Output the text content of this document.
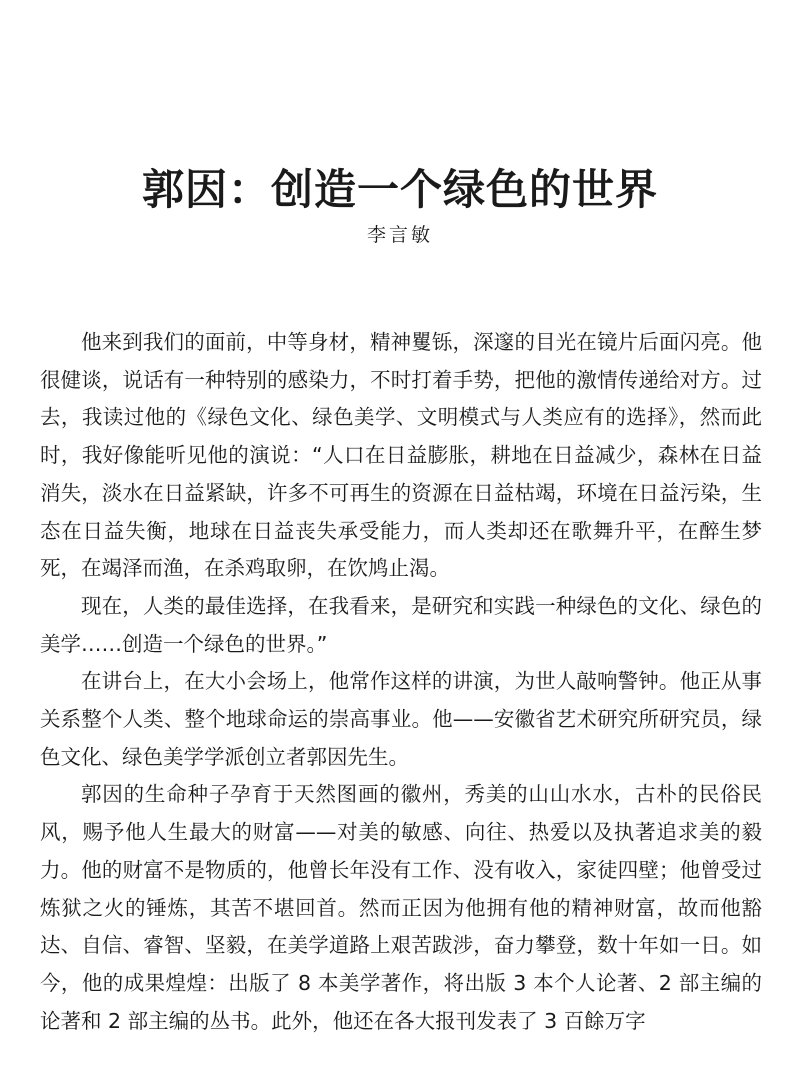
郭因：创造一个绿色的世界
李言敏

他来到我们的面前，中等身材，精神矍铄，深邃的目光在镜片后面闪亮。他很健谈，说话有一种特别的感染力，不时打着手势，把他的激情传递给对方。过去，我读过他的《绿色文化、绿色美学、文明模式与人类应有的选择》，然而此时，我好像能听见他的演说：“人口在日益膨胀，耕地在日益减少，森林在日益消失，淡水在日益紧缺，许多不可再生的资源在日益枯竭，环境在日益污染，生态在日益失衡，地球在日益丧失承受能力，而人类却还在歌舞升平，在醉生梦死，在竭泽而渔，在杀鸡取卵，在饮鸠止渴。

现在，人类的最佳选择，在我看来，是研究和实践一种绿色的文化、绿色的美学……创造一个绿色的世界。”

在讲台上，在大小会场上，他常作这样的讲演，为世人敲响警钟。他正从事关系整个人类、整个地球命运的崇高事业。他——安徽省艺术研究所研究员，绿色文化、绿色美学学派创立者郭因先生。

郭因的生命种子孕育于天然图画的徽州，秀美的山山水水，古朴的民俗民风，赐予他人生最大的财富——对美的敏感、向往、热爱以及执著追求美的毅力。他的财富不是物质的，他曾长年没有工作、没有收入，家徒四壁；他曾受过炼狱之火的锤炼，其苦不堪回首。然而正因为他拥有他的精神财富，故而他豁达、自信、睿智、坚毅，在美学道路上艰苦跋涉，奋力攀登，数十年如一日。如今，他的成果煌煌：出版了 8 本美学著作，将出版 3 本个人论著、2 部主编的论著和 2 部主编的丛书。此外，他还在各大报刊发表了 3 百餘万字
